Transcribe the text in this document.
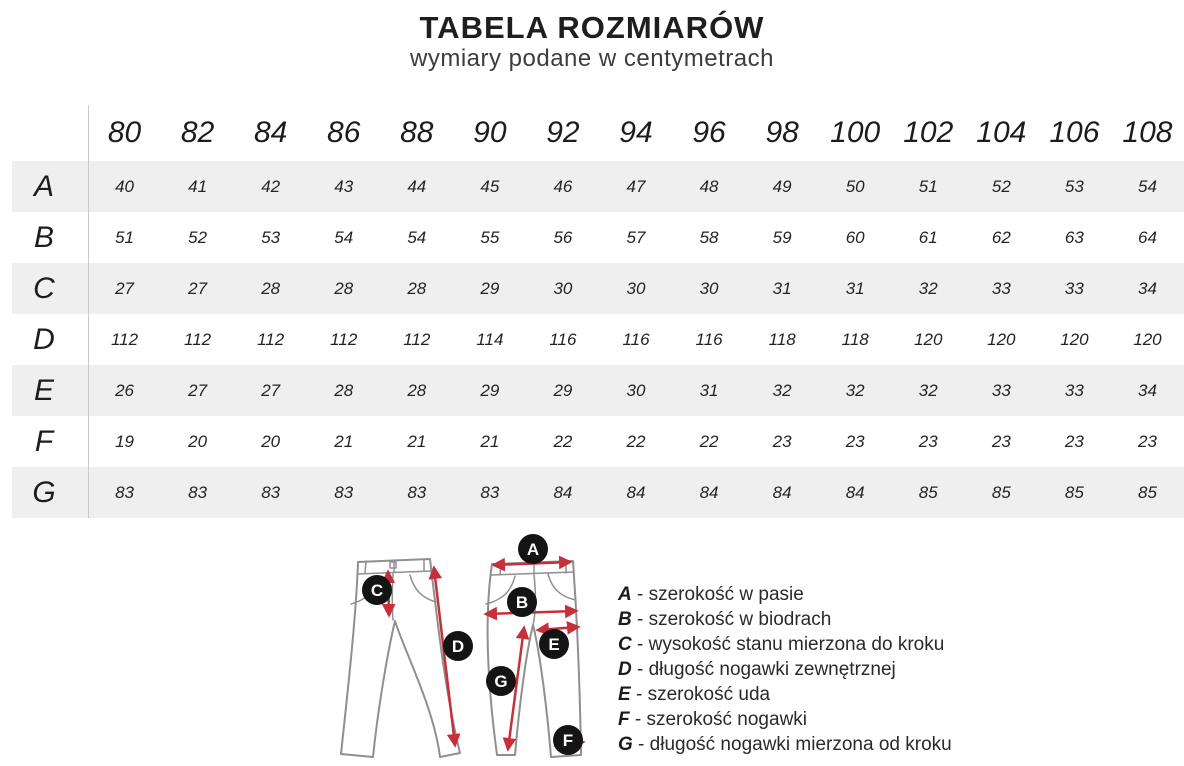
TABELA ROZMIARÓW
wymiary podane w centymetrach
80	82	84	86	88	90	92	94	96	98	100 102 104 106 108
A	40	41	42	43	44	45	46	47	48	49	50	51	52	53	54
B	51	52	53	54	54	55	56	57	58	59	60	61	62	63	64
C	27	27	28	28	28	29	30	30	30	31	31	32	33	33	34
D	112	112	112	112	112	114	116	116	116	118	118	120	120	120	120
E	26	27	27	28	28	29	29	30	31	32	32	32	33	33	34
F	19	20	20	21	21	21	22	22	22	23	23	23	23	23	23
G	83	83	83	83	83	83	84	84	84	84	84	85	85	85	85
C
D
A
B
E
G
F
A - szerokość w pasie
B - szerokość w biodrach
C - wysokość stanu mierzona do kroku
D - długość nogawki zewnętrznej
E - szerokość uda
F - szerokość nogawki
G - długość nogawki mierzona od kroku
